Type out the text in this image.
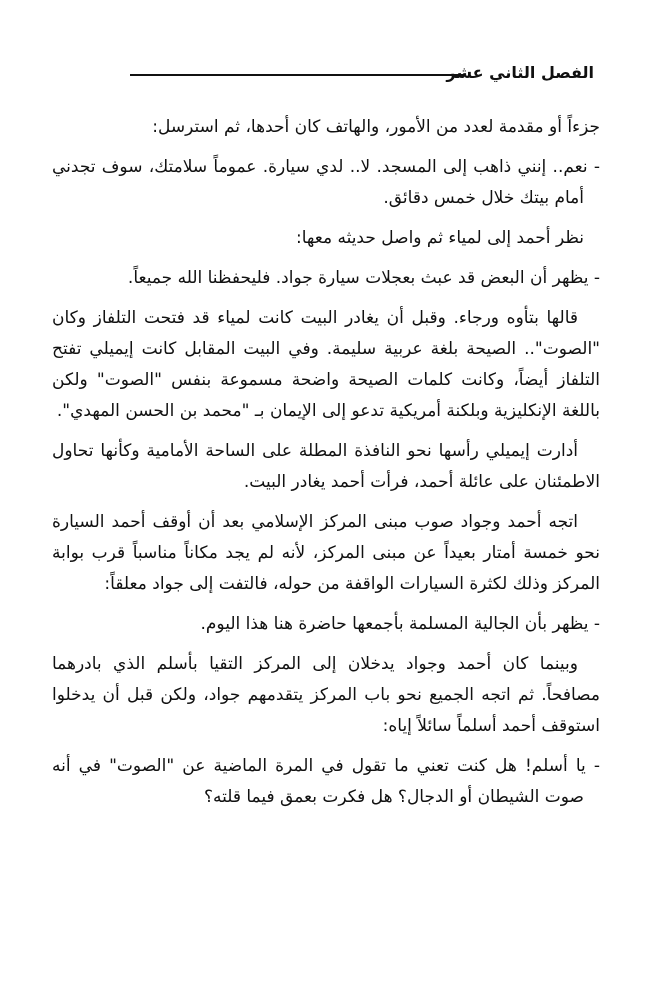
الفصل الثاني عشر

جزءاً أو مقدمة لعدد من الأمور، والهاتف كان أحدها، ثم استرسل:

- نعم.. إنني ذاهب إلى المسجد. لا.. لدي سيارة. عموماً سلامتك، سوف تجدني أمام بيتك خلال خمس دقائق.

نظر أحمد إلى لمياء ثم واصل حديثه معها:

- يظهر أن البعض قد عبث بعجلات سيارة جواد. فليحفظنا الله جميعاً.

قالها بتأوه ورجاء. وقبل أن يغادر البيت كانت لمياء قد فتحت التلفاز وكان "الصوت".. الصيحة بلغة عربية سليمة. وفي البيت المقابل كانت إيميلي تفتح التلفاز أيضاً، وكانت كلمات الصيحة واضحة مسموعة بنفس "الصوت" ولكن باللغة الإنكليزية وبلكنة أمريكية تدعو إلى الإيمان بـ "محمد بن الحسن المهدي".

أدارت إيميلي رأسها نحو النافذة المطلة على الساحة الأمامية وكأنها تحاول الاطمئنان على عائلة أحمد، فرأت أحمد يغادر البيت.

اتجه أحمد وجواد صوب مبنى المركز الإسلامي بعد أن أوقف أحمد السيارة نحو خمسة أمتار بعيداً عن مبنى المركز، لأنه لم يجد مكاناً مناسباً قرب بوابة المركز وذلك لكثرة السيارات الواقفة من حوله، فالتفت إلى جواد معلقاً:

- يظهر بأن الجالية المسلمة بأجمعها حاضرة هنا هذا اليوم.

وبينما كان أحمد وجواد يدخلان إلى المركز التقيا بأسلم الذي بادرهما مصافحاً. ثم اتجه الجميع نحو باب المركز يتقدمهم جواد، ولكن قبل أن يدخلوا استوقف أحمد أسلماً سائلاً إياه:

- يا أسلم! هل كنت تعني ما تقول في المرة الماضية عن "الصوت" في أنه صوت الشيطان أو الدجال؟ هل فكرت بعمق فيما قلته؟
